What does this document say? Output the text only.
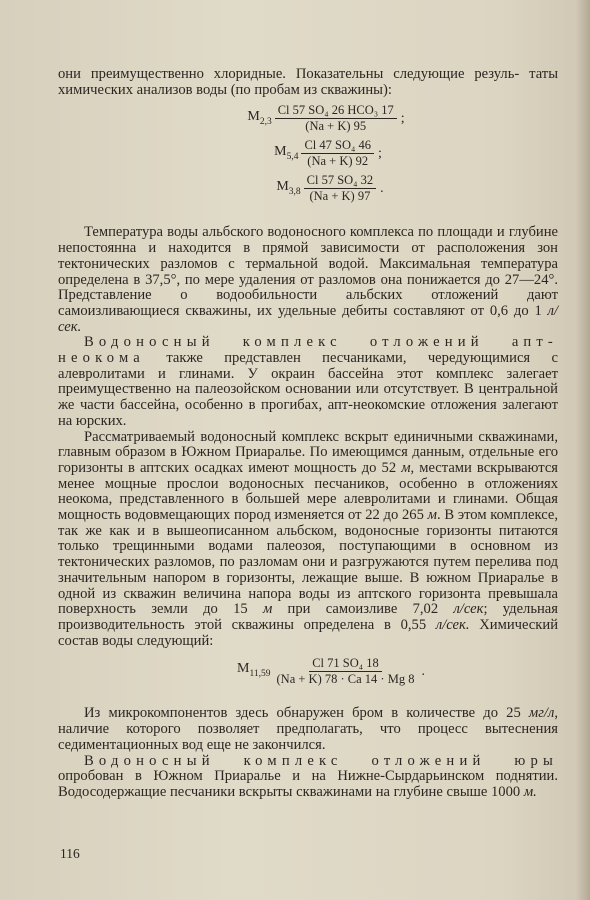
они преимущественно хлоридные. Показательны следующие резуль- таты химических анализов воды (по пробам из скважины):

$M_{2,3} \frac{\text{Cl 57 SO₄ 26 HCO₃ 17}}{(Na + K) 95}$ ;
$M_{5,4} \frac{\text{Cl 47 SO₄ 46}}{(Na + K) 92}$ ;
$M_{3,8} \frac{\text{Cl 57 SO₄ 32}}{(Na + K) 97}$ .

Температура воды альбского водоносного комплекса по площади и глубине непостоянна и находится в прямой зависимости от расположения зон тектонических разломов с термальной водой. Максимальная температура определена в 37,5°, по мере удаления от разломов она понижается до 27—24°. Представление о водообильности альбских отложений дают самоизливающиеся скважины, их удельные дебиты составляют от 0,6 до 1 л/сек.

Водоносный комплекс отложений апт-неокома также представлен песчаниками, чередующимися с алевролитами и глинами. У окраин бассейна этот комплекс залегает преимущественно на палеозойском основании или отсутствует. В центральной же части бассейна, особенно в прогибах, апт-неокомские отложения залегают на юрских.

Рассматриваемый водоносный комплекс вскрыт единичными скважинами, главным образом в Южном Приаралье. По имеющимся данным, отдельные его горизонты в аптских осадках имеют мощность до 52 м, местами вскрываются менее мощные прослои водоносных песчаников, особенно в отложениях неокома, представленного в большей мере алевролитами и глинами. Общая мощность водовмещающих пород изменяется от 22 до 265 м. В этом комплексе, так же как и в вышеописанном альбском, водоносные горизонты питаются только трещинными водами палеозоя, поступающими в основном из тектонических разломов, по разломам они и разгружаются путем перелива под значительным напором в горизонты, лежащие выше. В южном Приаралье в одной из скважин величина напора воды из аптского горизонта превышала поверхность земли до 15 м при самоизливе 7,02 л/сек; удельная производительность этой скважины определена в 0,55 л/сек. Химический состав воды следующий:

$M_{11,59} \frac{\text{Cl 71 SO₄ 18}}{(Na + K) 78 \cdot Ca 14 \cdot Mg 8}$ .

Из микрокомпонентов здесь обнаружен бром в количестве до 25 мг/л, наличие которого позволяет предполагать, что процесс вытеснения седиментационных вод еще не закончился.

Водоносный комплекс отложений юры опробован в Южном Приаралье и на Нижне-Сырдарьинском поднятии. Водосодержащие песчаники вскрыты скважинами на глубине свыше 1000 м.

116
